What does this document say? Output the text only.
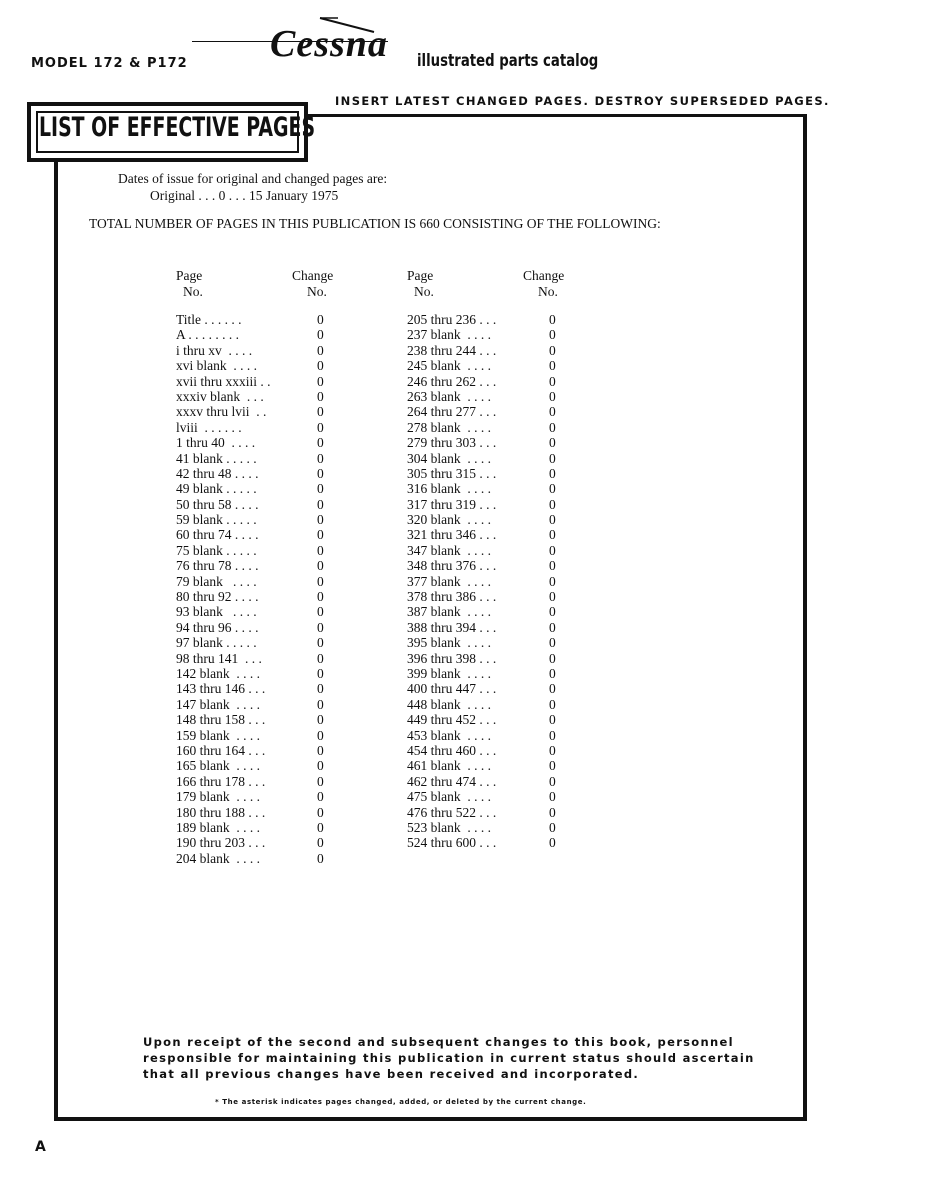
MODEL 172 & P172 Cessna illustrated parts catalog
INSERT LATEST CHANGED PAGES. DESTROY SUPERSEDED PAGES.
LIST OF EFFECTIVE PAGES
Dates of issue for original and changed pages are:
Original . . . 0 . . . 15 January 1975
TOTAL NUMBER OF PAGES IN THIS PUBLICATION IS 660 CONSISTING OF THE FOLLOWING:
Page
No.
Change
No.
Title . . . . . .	0
A . . . . . . . .	0
i thru xv  . . . .	0
xvi blank  . . . .	0
xvii thru xxxiii . .	0
xxxiv blank  . . .	0
xxxv thru lvii  . .	0
lviii  . . . . . .	0
1 thru 40  . . . .	0
41 blank . . . . .	0
42 thru 48 . . . .	0
49 blank . . . . .	0
50 thru 58 . . . .	0
59 blank . . . . .	0
60 thru 74 . . . .	0
75 blank . . . . .	0
76 thru 78 . . . .	0
79 blank   . . . .	0
80 thru 92 . . . .	0
93 blank   . . . .	0
94 thru 96 . . . .	0
97 blank . . . . .	0
98 thru 141  . . .	0
142 blank  . . . .	0
143 thru 146 . . .	0
147 blank  . . . .	0
148 thru 158 . . .	0
159 blank  . . . .	0
160 thru 164 . . .	0
165 blank  . . . .	0
166 thru 178 . . .	0
179 blank  . . . .	0
180 thru 188 . . .	0
189 blank  . . . .	0
190 thru 203 . . .	0
204 blank  . . . .	0
Page
No.
Change
No.
205 thru 236 . . .	0
237 blank  . . . .	0
238 thru 244 . . .	0
245 blank  . . . .	0
246 thru 262 . . .	0
263 blank  . . . .	0
264 thru 277 . . .	0
278 blank  . . . .	0
279 thru 303 . . .	0
304 blank  . . . .	0
305 thru 315 . . .	0
316 blank  . . . .	0
317 thru 319 . . .	0
320 blank  . . . .	0
321 thru 346 . . .	0
347 blank  . . . .	0
348 thru 376 . . .	0
377 blank  . . . .	0
378 thru 386 . . .	0
387 blank  . . . .	0
388 thru 394 . . .	0
395 blank  . . . .	0
396 thru 398 . . .	0
399 blank  . . . .	0
400 thru 447 . . .	0
448 blank  . . . .	0
449 thru 452 . . .	0
453 blank  . . . .	0
454 thru 460 . . .	0
461 blank  . . . .	0
462 thru 474 . . .	0
475 blank  . . . .	0
476 thru 522 . . .	0
523 blank  . . . .	0
524 thru 600 . . .	0
Upon receipt of the second and subsequent changes to this book, personnel
responsible for maintaining this publication in current status should ascertain
that all previous changes have been received and incorporated.
* The asterisk indicates pages changed, added, or deleted by the current change.
A
